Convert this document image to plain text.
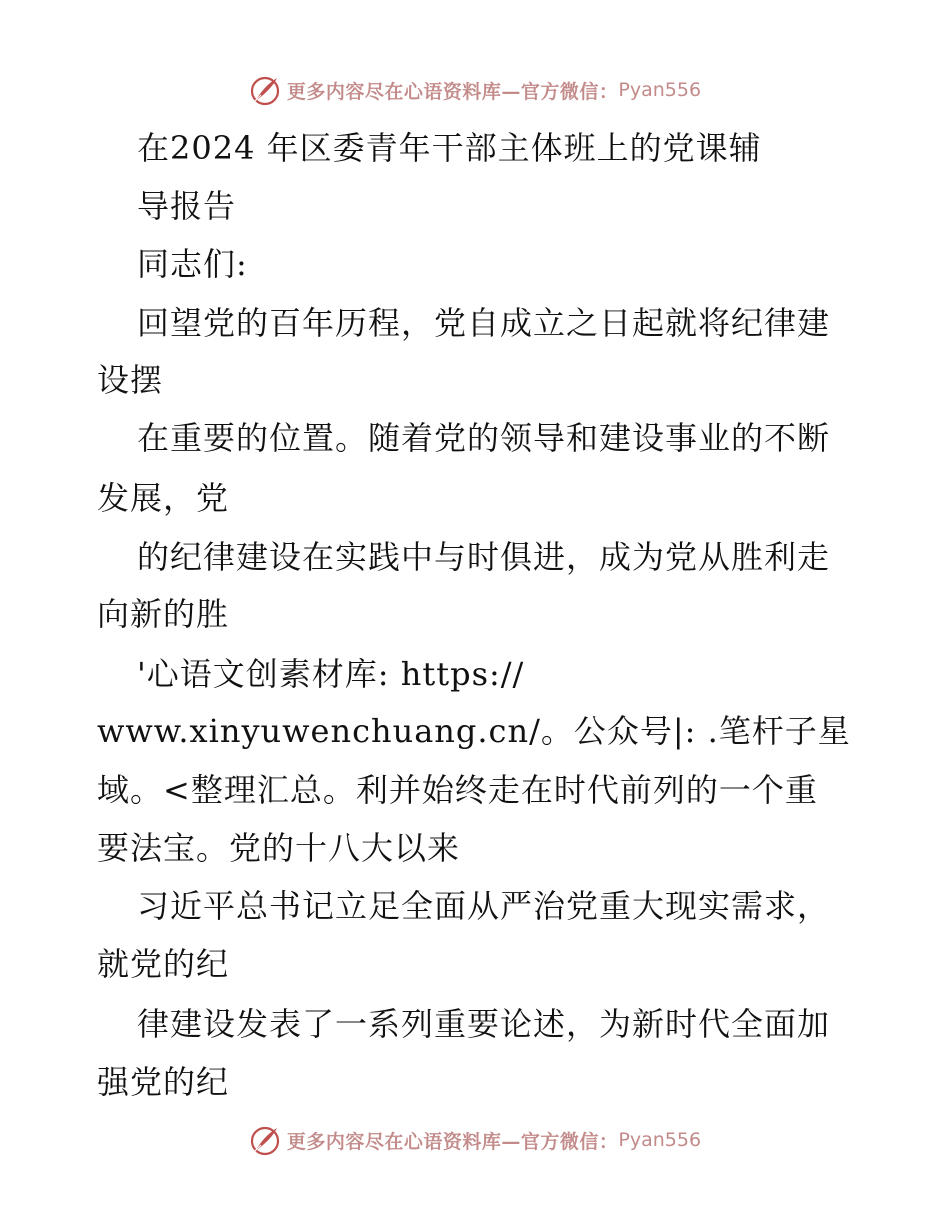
更多内容尽在心语资料库—官方微信： Pyan556
在2024 年区委青年干部主体班上的党课辅
导报告
同志们:
回望党的百年历程，党自成立之日起就将纪律建
设摆
在重要的位置。随着党的领导和建设事业的不断
发展，党
的纪律建设在实践中与时俱进，成为党从胜利走
向新的胜
'心语文创素材库: https://
www.xinyuwenchuang.cn/。公众号|: .笔杆子星
域。<整理汇总。利并始终走在时代前列的一个重
要法宝。党的十八大以来
习近平总书记立足全面从严治党重大现实需求，
就党的纪
律建设发表了一系列重要论述，为新时代全面加
强党的纪
更多内容尽在心语资料库—官方微信： Pyan556
